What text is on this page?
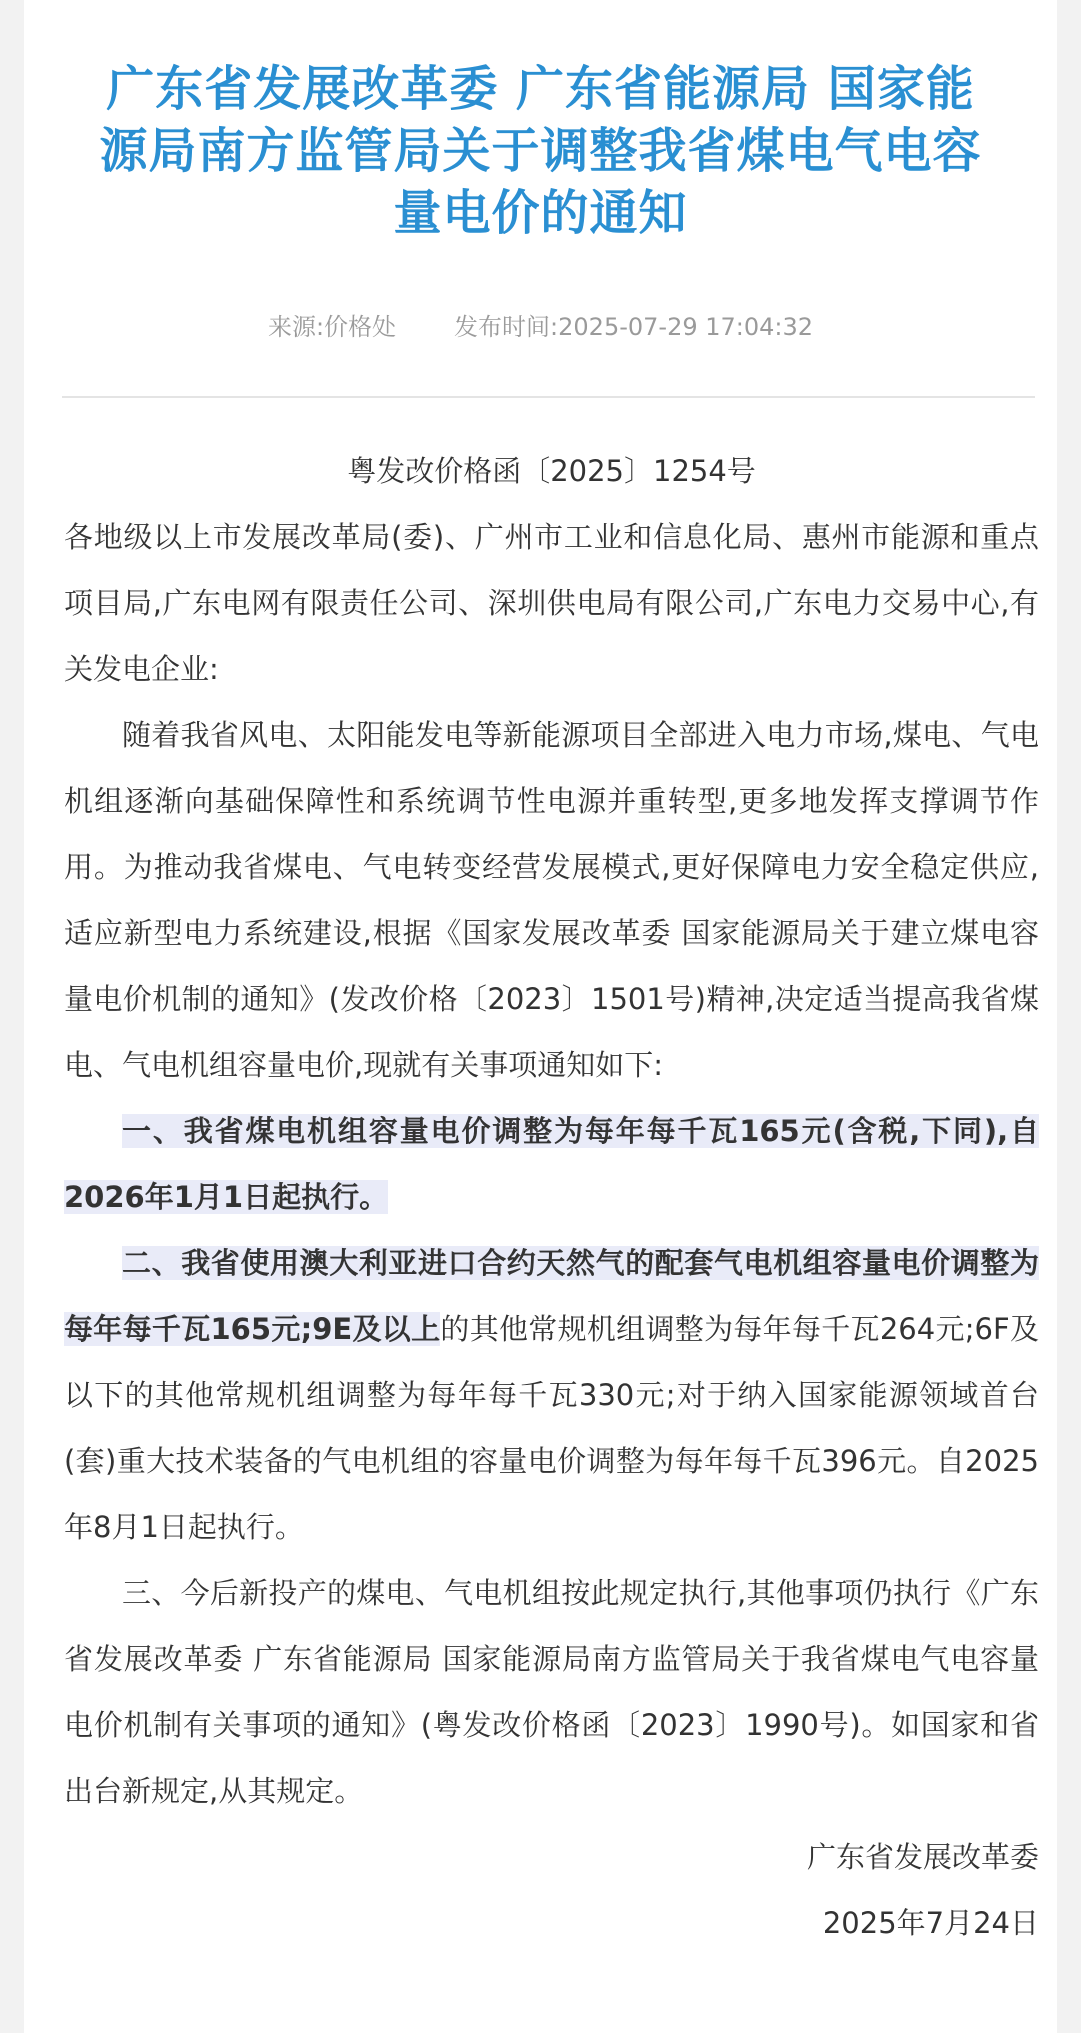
广东省发展改革委 广东省能源局 国家能源局南方监管局关于调整我省煤电气电容量电价的通知
来源:价格处 发布时间:2025-07-29 17:04:32

粤发改价格函〔2025〕1254号

各地级以上市发展改革局(委)、广州市工业和信息化局、惠州市能源和重点项目局,广东电网有限责任公司、深圳供电局有限公司,广东电力交易中心,有关发电企业:

随着我省风电、太阳能发电等新能源项目全部进入电力市场,煤电、气电机组逐渐向基础保障性和系统调节性电源并重转型,更多地发挥支撑调节作用。为推动我省煤电、气电转变经营发展模式,更好保障电力安全稳定供应,适应新型电力系统建设,根据《国家发展改革委 国家能源局关于建立煤电容量电价机制的通知》(发改价格〔2023〕1501号)精神,决定适当提高我省煤电、气电机组容量电价,现就有关事项通知如下:

一、我省煤电机组容量电价调整为每年每千瓦165元(含税,下同),自2026年1月1日起执行。

二、我省使用澳大利亚进口合约天然气的配套气电机组容量电价调整为每年每千瓦165元;9E及以上的其他常规机组调整为每年每千瓦264元;6F及以下的其他常规机组调整为每年每千瓦330元;对于纳入国家能源领域首台(套)重大技术装备的气电机组的容量电价调整为每年每千瓦396元。自2025年8月1日起执行。

三、今后新投产的煤电、气电机组按此规定执行,其他事项仍执行《广东省发展改革委 广东省能源局 国家能源局南方监管局关于我省煤电气电容量电价机制有关事项的通知》(粤发改价格函〔2023〕1990号)。如国家和省出台新规定,从其规定。

广东省发展改革委

2025年7月24日
